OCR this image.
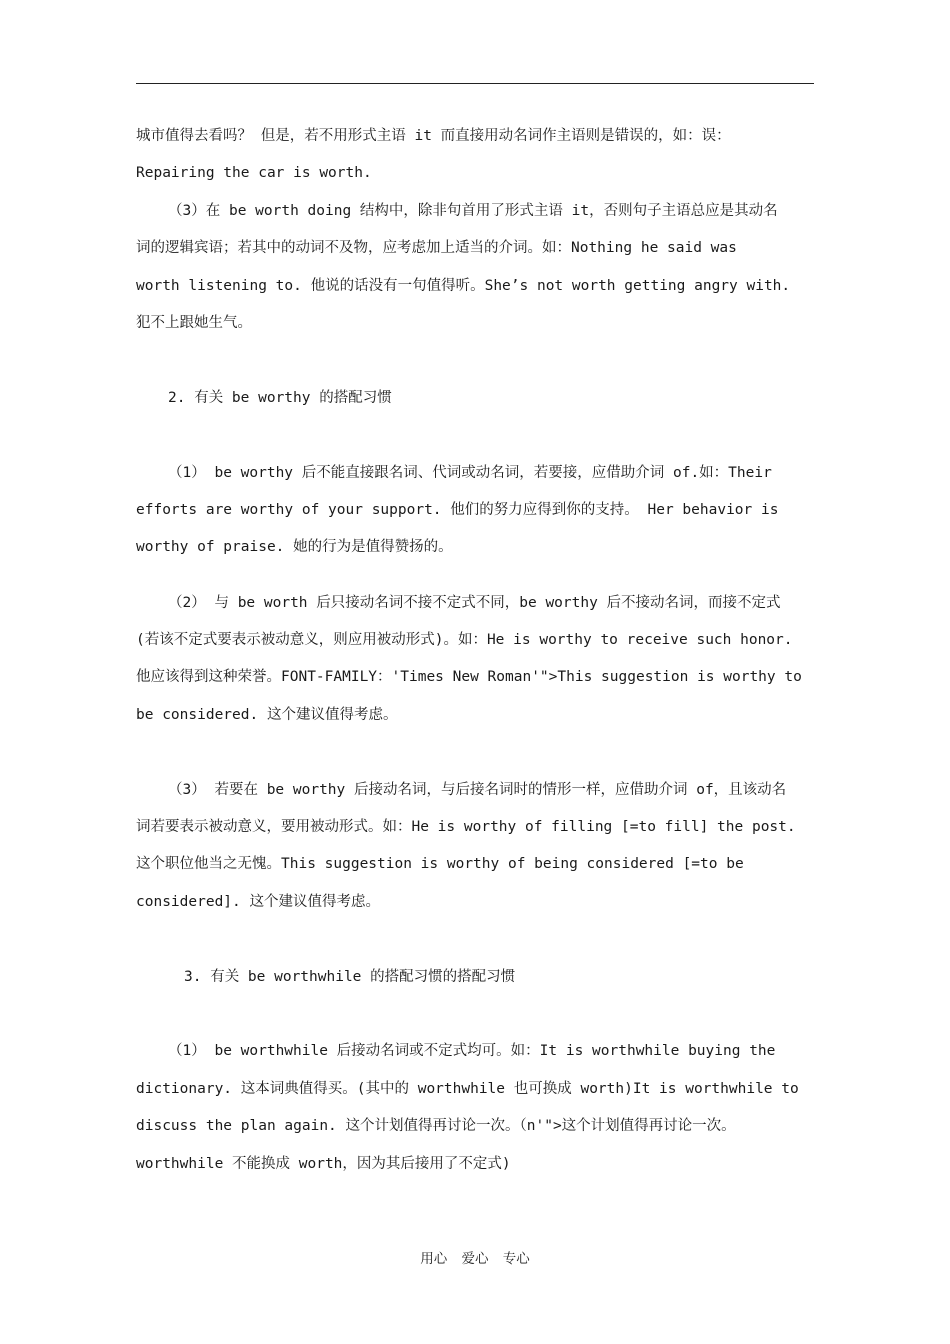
城市值得去看吗？ 但是，若不用形式主语 it 而直接用动名词作主语则是错误的，如：误：
Repairing the car is worth.
（3）在 be worth doing 结构中，除非句首用了形式主语 it，否则句子主语总应是其动名
词的逻辑宾语；若其中的动词不及物，应考虑加上适当的介词。如：Nothing he said was
worth listening to. 他说的话没有一句值得听。She’s not worth getting angry with.
犯不上跟她生气。
2. 有关 be worthy 的搭配习惯
（1） be worthy 后不能直接跟名词、代词或动名词，若要接，应借助介词 of.如：Their
efforts are worthy of your support. 他们的努力应得到你的支持。 Her behavior is
worthy of praise. 她的行为是值得赞扬的。
（2） 与 be worth 后只接动名词不接不定式不同，be worthy 后不接动名词，而接不定式
(若该不定式要表示被动意义，则应用被动形式)。如：He is worthy to receive such honor.
他应该得到这种荣誉。FONT-FAMILY：'Times New Roman'">This suggestion is worthy to
be considered. 这个建议值得考虑。
（3） 若要在 be worthy 后接动名词，与后接名词时的情形一样，应借助介词 of，且该动名
词若要表示被动意义，要用被动形式。如：He is worthy of filling [=to fill] the post.
这个职位他当之无愧。This suggestion is worthy of being considered [=to be
considered]. 这个建议值得考虑。
3. 有关 be worthwhile 的搭配习惯的搭配习惯
（1） be worthwhile 后接动名词或不定式均可。如：It is worthwhile buying the
dictionary. 这本词典值得买。(其中的 worthwhile 也可换成 worth)It is worthwhile to
discuss the plan again. 这个计划值得再讨论一次。（n'">这个计划值得再讨论一次。
worthwhile 不能换成 worth，因为其后接用了不定式)
用心 爱心 专心
